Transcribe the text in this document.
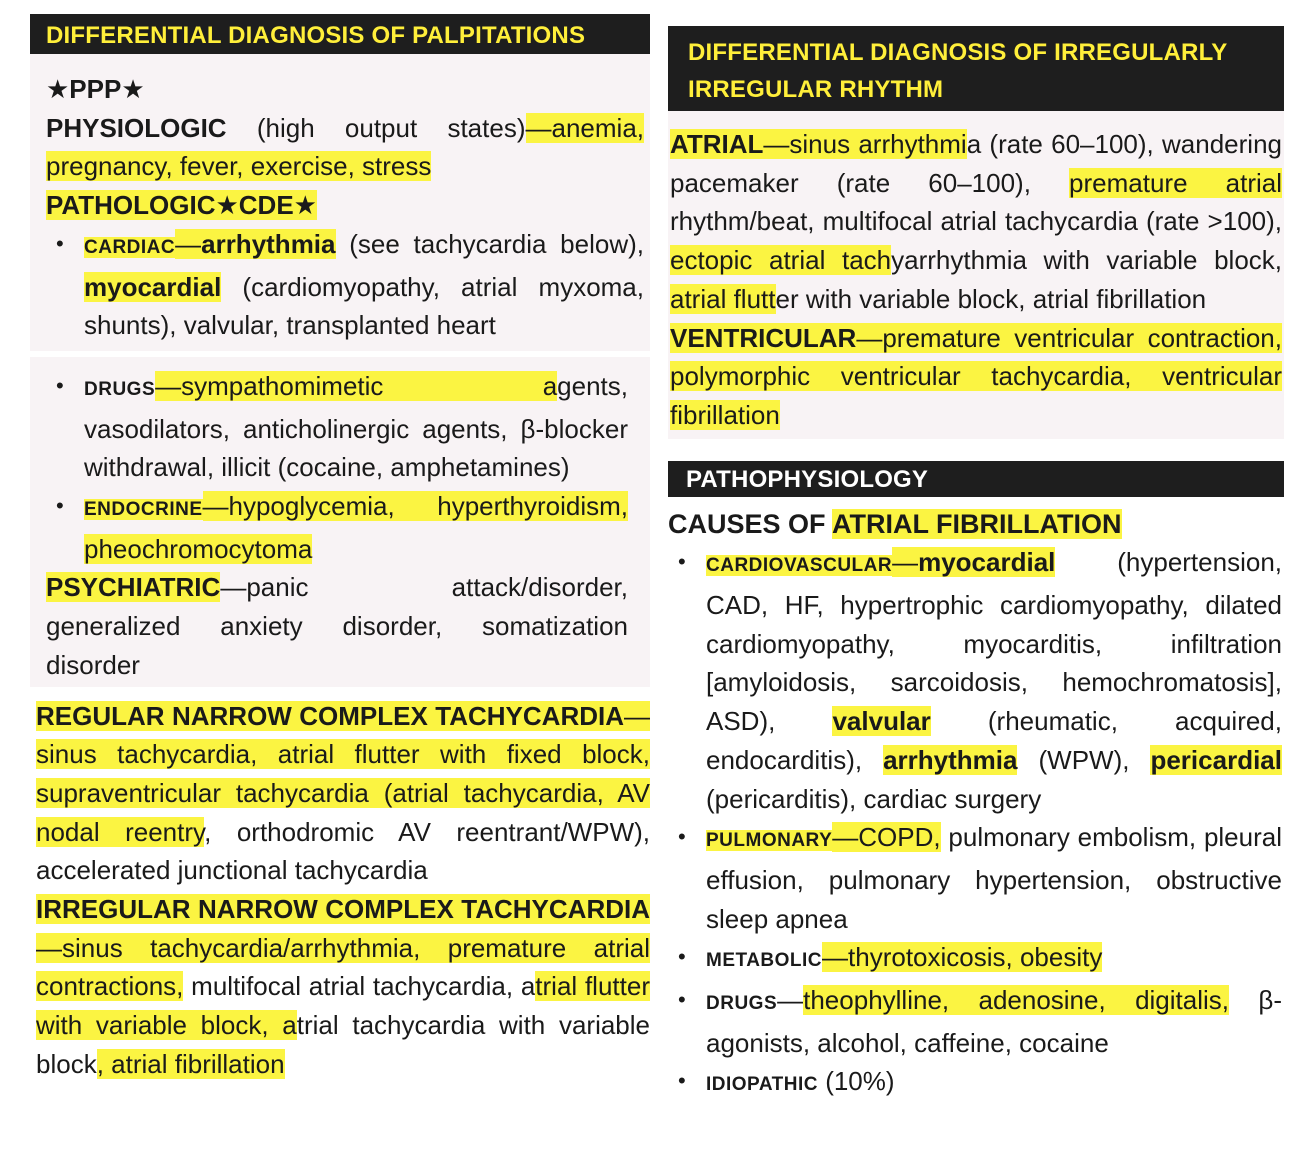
DIFFERENTIAL DIAGNOSIS OF PALPITATIONS

★PPP★

PHYSIOLOGIC (high output states)—anemia, pregnancy, fever, exercise, stress

PATHOLOGIC★CDE★

• CARDIAC—arrhythmia (see tachycardia below), myocardial (cardiomyopathy, atrial myxoma, shunts), valvular, transplanted heart
• DRUGS—sympathomimetic agents, vasodilators, anticholinergic agents, β-blocker withdrawal, illicit (cocaine, amphetamines)
• ENDOCRINE—hypoglycemia, hyperthyroidism, pheochromocytoma

PSYCHIATRIC—panic attack/disorder, generalized anxiety disorder, somatization disorder

REGULAR NARROW COMPLEX TACHYCARDIA—sinus tachycardia, atrial flutter with fixed block, supraventricular tachycardia (atrial tachycardia, AV nodal reentry, orthodromic AV reentrant/WPW), accelerated junctional tachycardia

IRREGULAR NARROW COMPLEX TACHYCARDIA—sinus tachycardia/arrhythmia, premature atrial contractions, multifocal atrial tachycardia, atrial flutter with variable block, atrial tachycardia with variable block, atrial fibrillation

DIFFERENTIAL DIAGNOSIS OF IRREGULARLY IRREGULAR RHYTHM

ATRIAL—sinus arrhythmia (rate 60–100), wandering pacemaker (rate 60–100), premature atrial rhythm/beat, multifocal atrial tachycardia (rate >100), ectopic atrial tachyarrhythmia with variable block, atrial flutter with variable block, atrial fibrillation

VENTRICULAR—premature ventricular contraction, polymorphic ventricular tachycardia, ventricular fibrillation

PATHOPHYSIOLOGY

CAUSES OF ATRIAL FIBRILLATION

• CARDIOVASCULAR—myocardial (hypertension, CAD, HF, hypertrophic cardiomyopathy, dilated cardiomyopathy, myocarditis, infiltration [amyloidosis, sarcoidosis, hemochromatosis], ASD), valvular (rheumatic, acquired, endocarditis), arrhythmia (WPW), pericardial (pericarditis), cardiac surgery
• PULMONARY—COPD, pulmonary embolism, pleural effusion, pulmonary hypertension, obstructive sleep apnea
• METABOLIC—thyrotoxicosis, obesity
• DRUGS—theophylline, adenosine, digitalis, β-agonists, alcohol, caffeine, cocaine
• IDIOPATHIC (10%)
